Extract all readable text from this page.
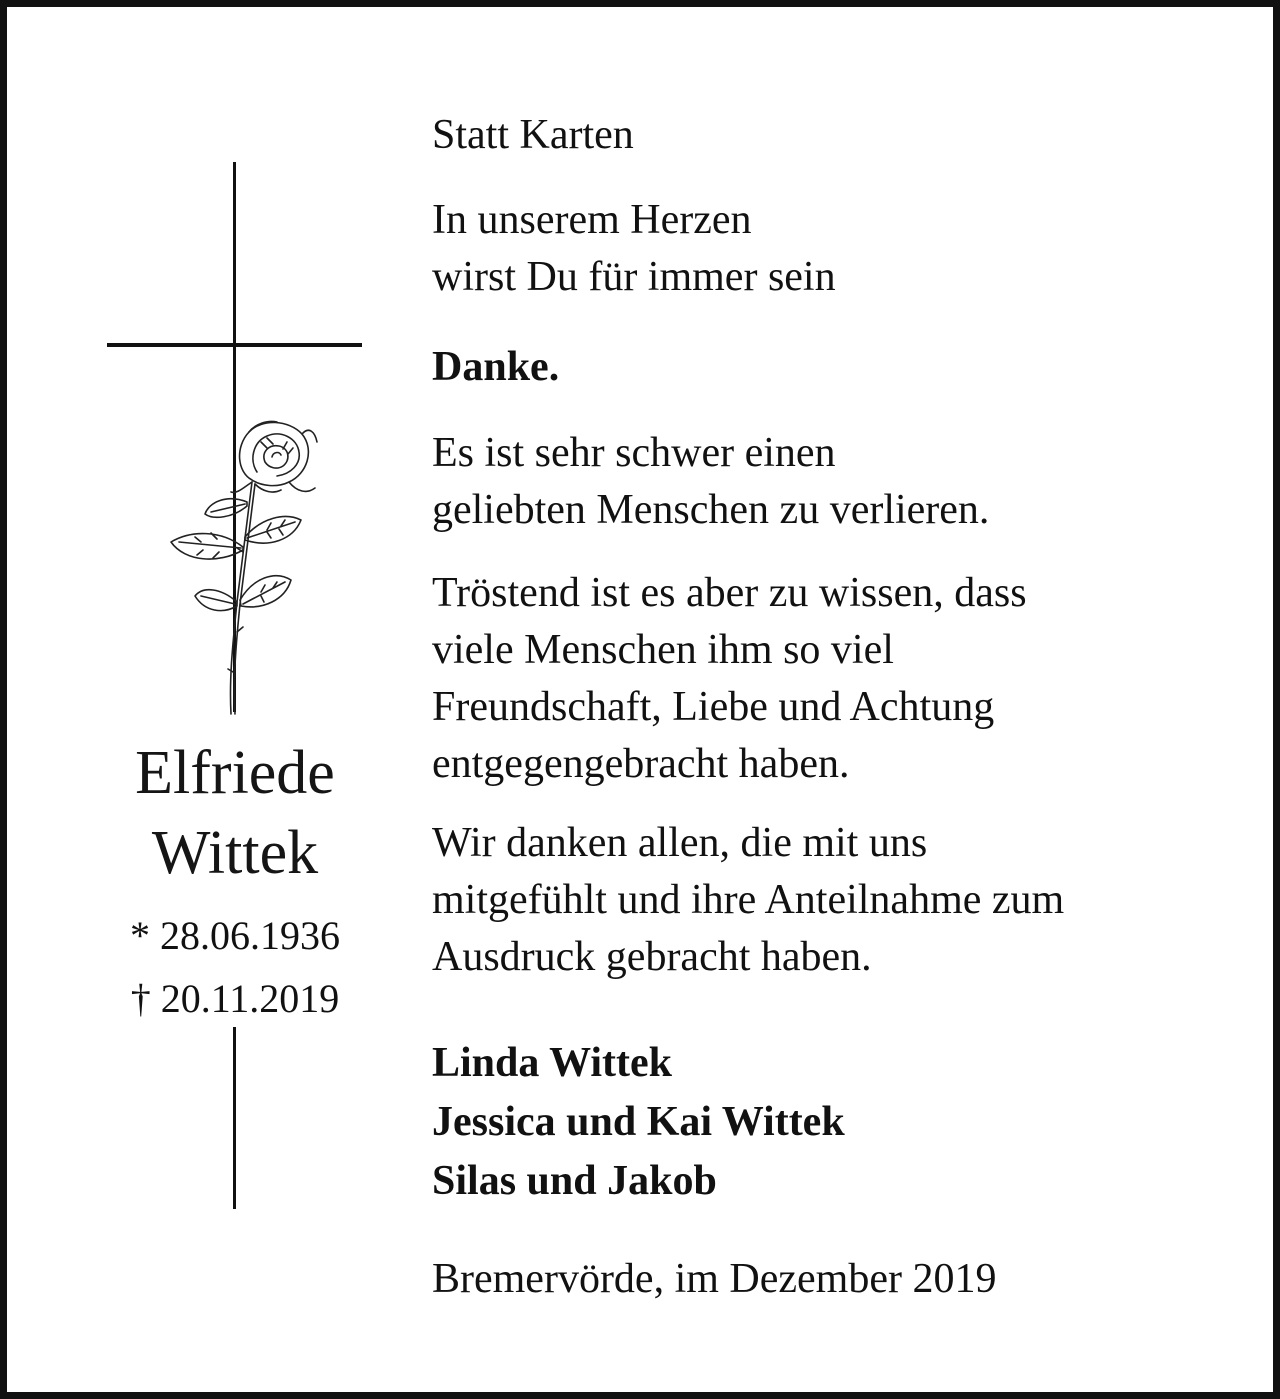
Elfriede
Wittek
* 28.06.1936
† 20.11.2019

Statt Karten

In unserem Herzen
wirst Du für immer sein

Danke.

Es ist sehr schwer einen
geliebten Menschen zu verlieren.

Tröstend ist es aber zu wissen, dass
viele Menschen ihm so viel
Freundschaft, Liebe und Achtung
entgegengebracht haben.

Wir danken allen, die mit uns
mitgefühlt und ihre Anteilnahme zum
Ausdruck gebracht haben.

Linda Wittek
Jessica und Kai Wittek
Silas und Jakob

Bremervörde, im Dezember 2019
